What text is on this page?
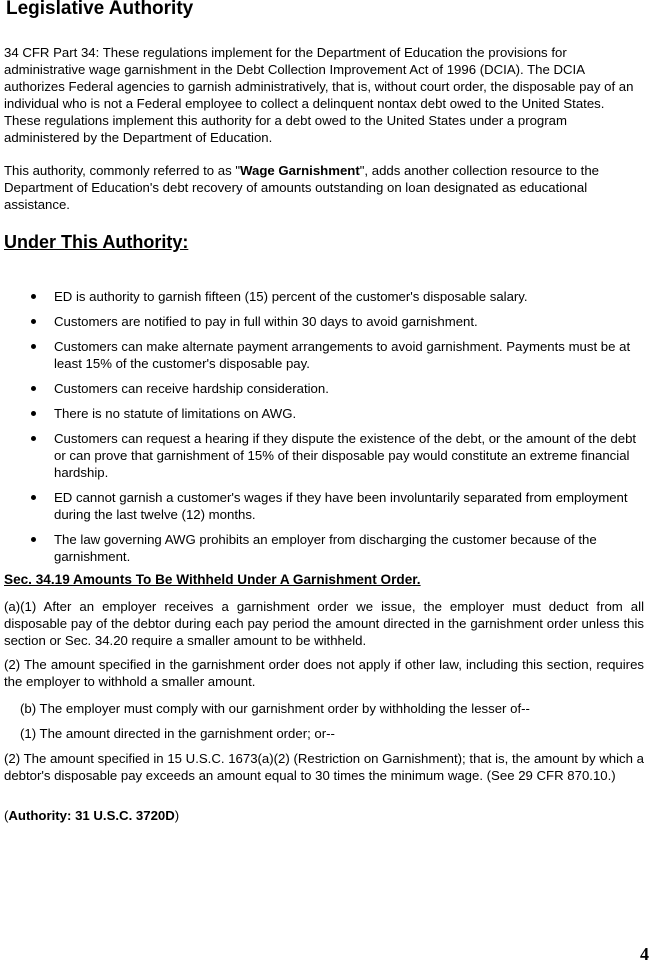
Legislative Authority

34 CFR Part 34: These regulations implement for the Department of Education the provisions for administrative wage garnishment in the Debt Collection Improvement Act of 1996 (DCIA). The DCIA authorizes Federal agencies to garnish administratively, that is, without court order, the disposable pay of an individual who is not a Federal employee to collect a delinquent nontax debt owed to the United States. These regulations implement this authority for a debt owed to the United States under a program administered by the Department of Education.

This authority, commonly referred to as "Wage Garnishment", adds another collection resource to the Department of Education's debt recovery of amounts outstanding on loan designated as educational assistance.

Under This Authority:
ED is authority to garnish fifteen (15) percent of the customer's disposable salary.
Customers are notified to pay in full within 30 days to avoid garnishment.
Customers can make alternate payment arrangements to avoid garnishment. Payments must be at least 15% of the customer's disposable pay.
Customers can receive hardship consideration.
There is no statute of limitations on AWG.
Customers can request a hearing if they dispute the existence of the debt, or the amount of the debt or can prove that garnishment of 15% of their disposable pay would constitute an extreme financial hardship.
ED cannot garnish a customer's wages if they have been involuntarily separated from employment during the last twelve (12) months.
The law governing AWG prohibits an employer from discharging the customer because of the garnishment.
Sec. 34.19 Amounts To Be Withheld Under A Garnishment Order.

(a)(1) After an employer receives a garnishment order we issue, the employer must deduct from all disposable pay of the debtor during each pay period the amount directed in the garnishment order unless this section or Sec. 34.20 require a smaller amount to be withheld.

(2) The amount specified in the garnishment order does not apply if other law, including this section, requires the employer to withhold a smaller amount.

(b) The employer must comply with our garnishment order by withholding the lesser of--

(1) The amount directed in the garnishment order; or--

(2) The amount specified in 15 U.S.C. 1673(a)(2) (Restriction on Garnishment); that is, the amount by which a debtor's disposable pay exceeds an amount equal to 30 times the minimum wage. (See 29 CFR 870.10.)

(Authority: 31 U.S.C. 3720D)

4
